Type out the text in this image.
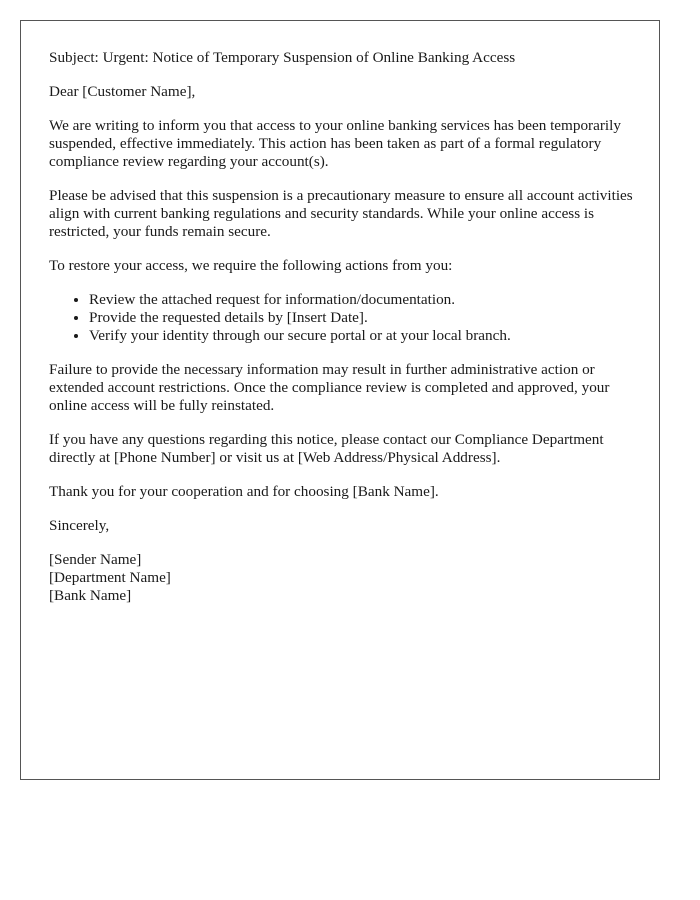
Subject: Urgent: Notice of Temporary Suspension of Online Banking Access

Dear [Customer Name],

We are writing to inform you that access to your online banking services has been temporarily suspended, effective immediately. This action has been taken as part of a formal regulatory compliance review regarding your account(s).

Please be advised that this suspension is a precautionary measure to ensure all account activities align with current banking regulations and security standards. While your online access is restricted, your funds remain secure.

To restore your access, we require the following actions from you:

• Review the attached request for information/documentation.
• Provide the requested details by [Insert Date].
• Verify your identity through our secure portal or at your local branch.

Failure to provide the necessary information may result in further administrative action or extended account restrictions. Once the compliance review is completed and approved, your online access will be fully reinstated.

If you have any questions regarding this notice, please contact our Compliance Department directly at [Phone Number] or visit us at [Web Address/Physical Address].

Thank you for your cooperation and for choosing [Bank Name].

Sincerely,

[Sender Name]
[Department Name]
[Bank Name]
